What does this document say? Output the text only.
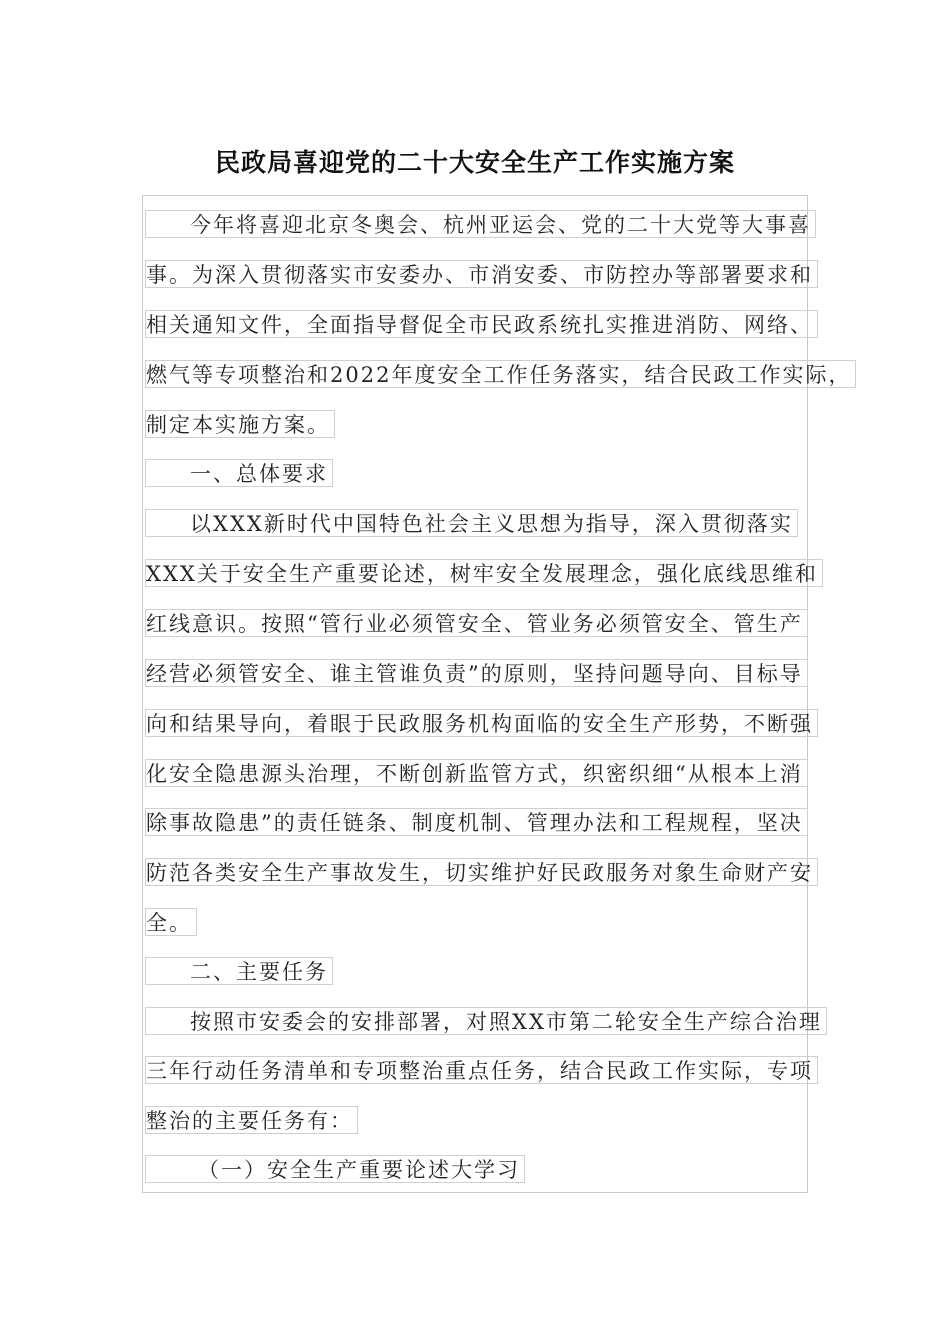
民政局喜迎党的二十大安全生产工作实施方案
今年将喜迎北京冬奥会、杭州亚运会、党的二十大党等大事喜
事。为深入贯彻落实市安委办、市消安委、市防控办等部署要求和
相关通知文件，全面指导督促全市民政系统扎实推进消防、网络、
燃气等专项整治和2022年度安全工作任务落实，结合民政工作实际，
制定本实施方案。
一、总体要求
以XXX新时代中国特色社会主义思想为指导，深入贯彻落实
XXX关于安全生产重要论述，树牢安全发展理念，强化底线思维和
红线意识。按照“管行业必须管安全、管业务必须管安全、管生产
经营必须管安全、谁主管谁负责”的原则，坚持问题导向、目标导
向和结果导向，着眼于民政服务机构面临的安全生产形势，不断强
化安全隐患源头治理，不断创新监管方式，织密织细“从根本上消
除事故隐患”的责任链条、制度机制、管理办法和工程规程，坚决
防范各类安全生产事故发生，切实维护好民政服务对象生命财产安
全。
二、主要任务
按照市安委会的安排部署，对照XX市第二轮安全生产综合治理
三年行动任务清单和专项整治重点任务，结合民政工作实际，专项
整治的主要任务有：
（一）安全生产重要论述大学习
